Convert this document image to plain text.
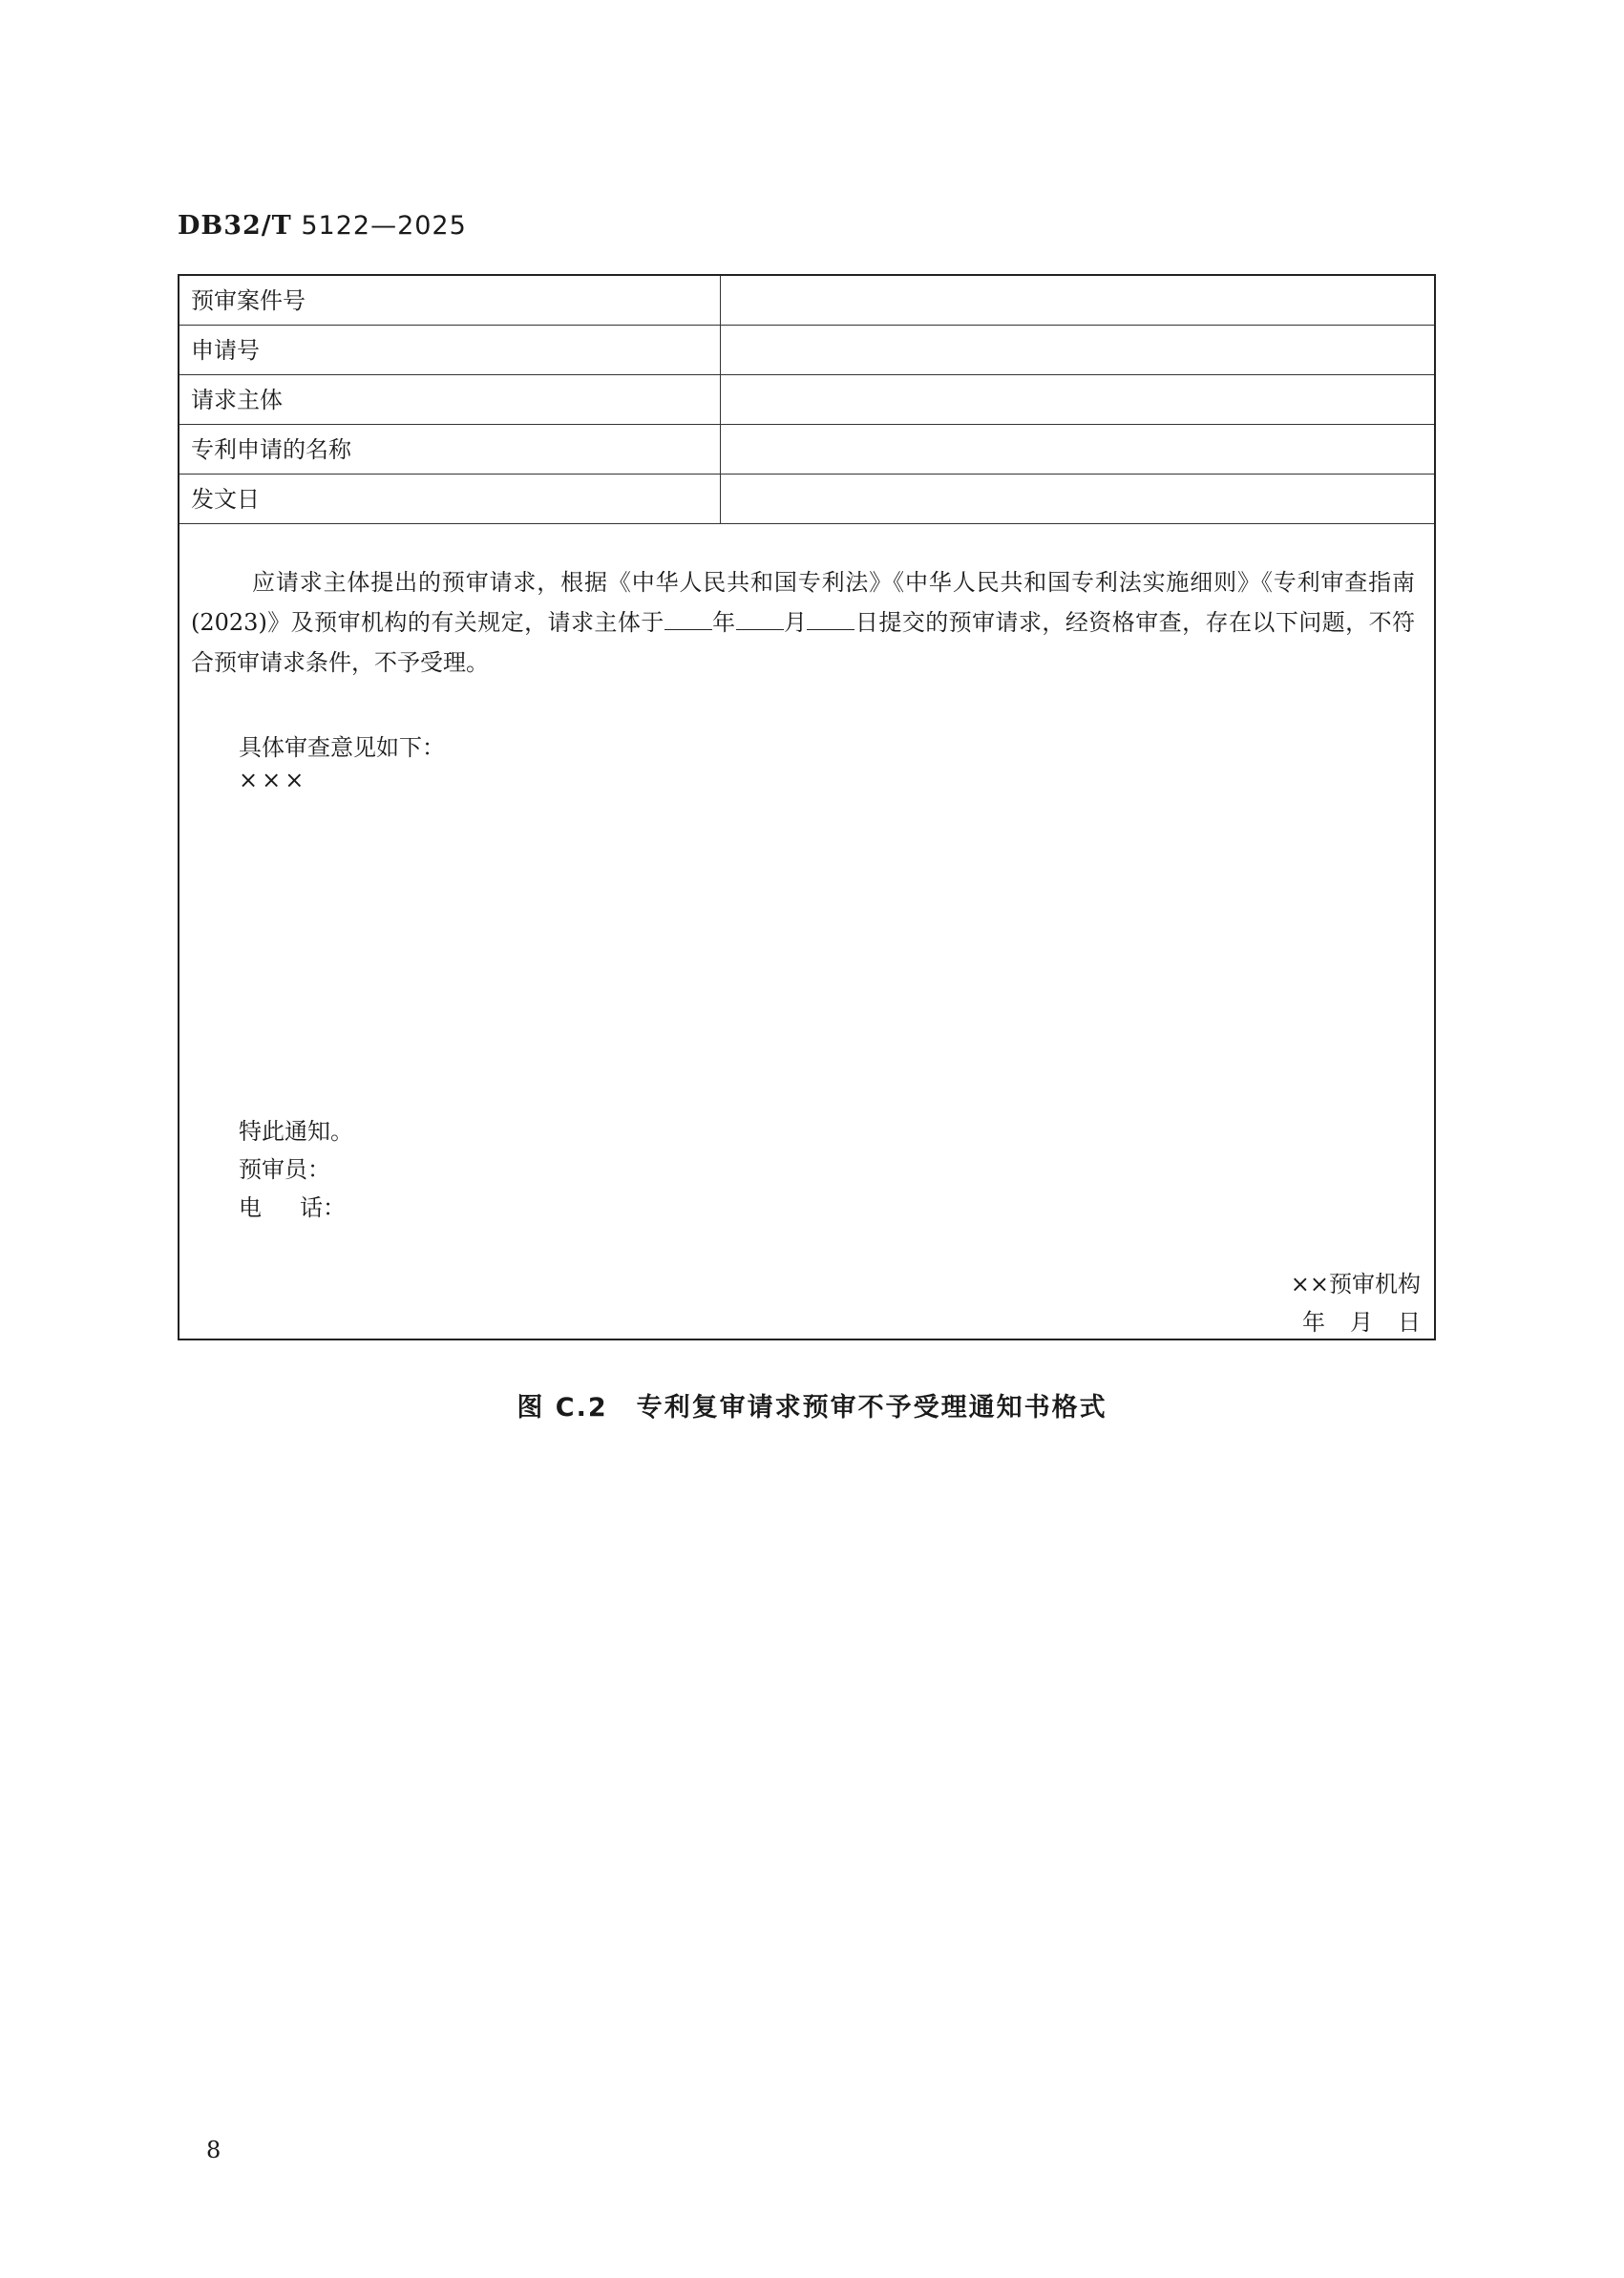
DB32/T 5122—2025
预审案件号
申请号
请求主体
专利申请的名称
发文日
应请求主体提出的预审请求，根据《中华人民共和国专利法》《中华人民共和国专利法实施细则》《专利审查指南(2023)》及预审机构的有关规定，请求主体于 年 月 日提交的预审请求，经资格审查，存在以下问题，不符合预审请求条件，不予受理。
具体审查意见如下：
×××
特此通知。
预审员：
电 话：
××预审机构
年 月 日
图 C.2 专利复审请求预审不予受理通知书格式
8
